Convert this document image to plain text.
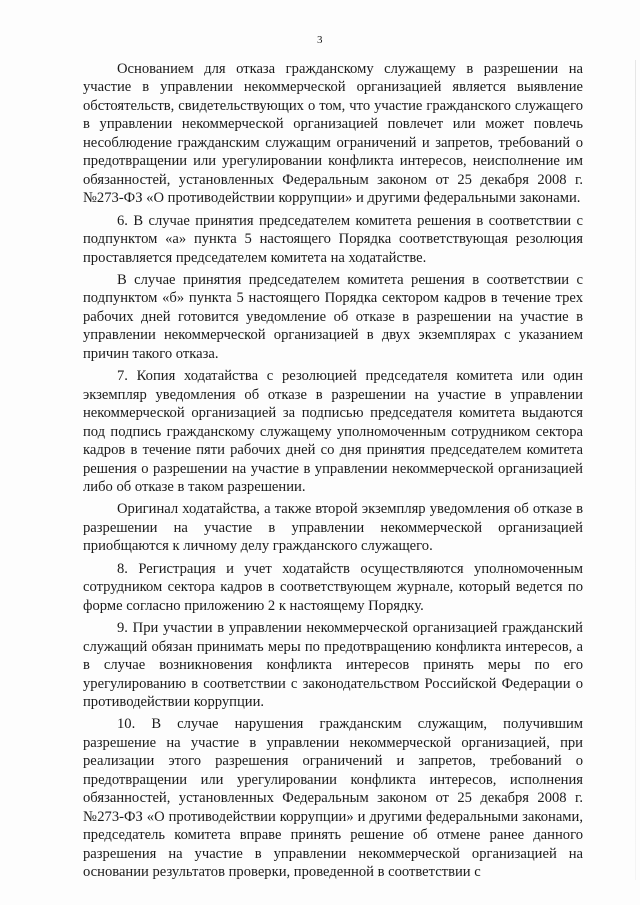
3

Основанием для отказа гражданскому служащему в разрешении на участие в управлении некоммерческой организацией является выявление обстоятельств, свидетельствующих о том, что участие гражданского служащего в управлении некоммерческой организацией повлечет или может повлечь несоблюдение гражданским служащим ограничений и запретов, требований о предотвращении или урегулировании конфликта интересов, неисполнение им обязанностей, установленных Федеральным законом от 25 декабря 2008 г. №273-ФЗ «О противодействии коррупции» и другими федеральными законами.

6. В случае принятия председателем комитета решения в соответствии с подпунктом «а» пункта 5 настоящего Порядка соответствующая резолюция проставляется председателем комитета на ходатайстве.

В случае принятия председателем комитета решения в соответствии с подпунктом «б» пункта 5 настоящего Порядка сектором кадров в течение трех рабочих дней готовится уведомление об отказе в разрешении на участие в управлении некоммерческой организацией в двух экземплярах с указанием причин такого отказа.

7. Копия ходатайства с резолюцией председателя комитета или один экземпляр уведомления об отказе в разрешении на участие в управлении некоммерческой организацией за подписью председателя комитета выдаются под подпись гражданскому служащему уполномоченным сотрудником сектора кадров в течение пяти рабочих дней со дня принятия председателем комитета решения о разрешении на участие в управлении некоммерческой организацией либо об отказе в таком разрешении.

Оригинал ходатайства, а также второй экземпляр уведомления об отказе в разрешении на участие в управлении некоммерческой организацией приобщаются к личному делу гражданского служащего.

8. Регистрация и учет ходатайств осуществляются уполномоченным сотрудником сектора кадров в соответствующем журнале, который ведется по форме согласно приложению 2 к настоящему Порядку.

9. При участии в управлении некоммерческой организацией гражданский служащий обязан принимать меры по предотвращению конфликта интересов, а в случае возникновения конфликта интересов принять меры по его урегулированию в соответствии с законодательством Российской Федерации о противодействии коррупции.

10. В случае нарушения гражданским служащим, получившим разрешение на участие в управлении некоммерческой организацией, при реализации этого разрешения ограничений и запретов, требований о предотвращении или урегулировании конфликта интересов, исполнения обязанностей, установленных Федеральным законом от 25 декабря 2008 г. №273-ФЗ «О противодействии коррупции» и другими федеральными законами, председатель комитета вправе принять решение об отмене ранее данного разрешения на участие в управлении некоммерческой организацией на основании результатов проверки, проведенной в соответствии с
